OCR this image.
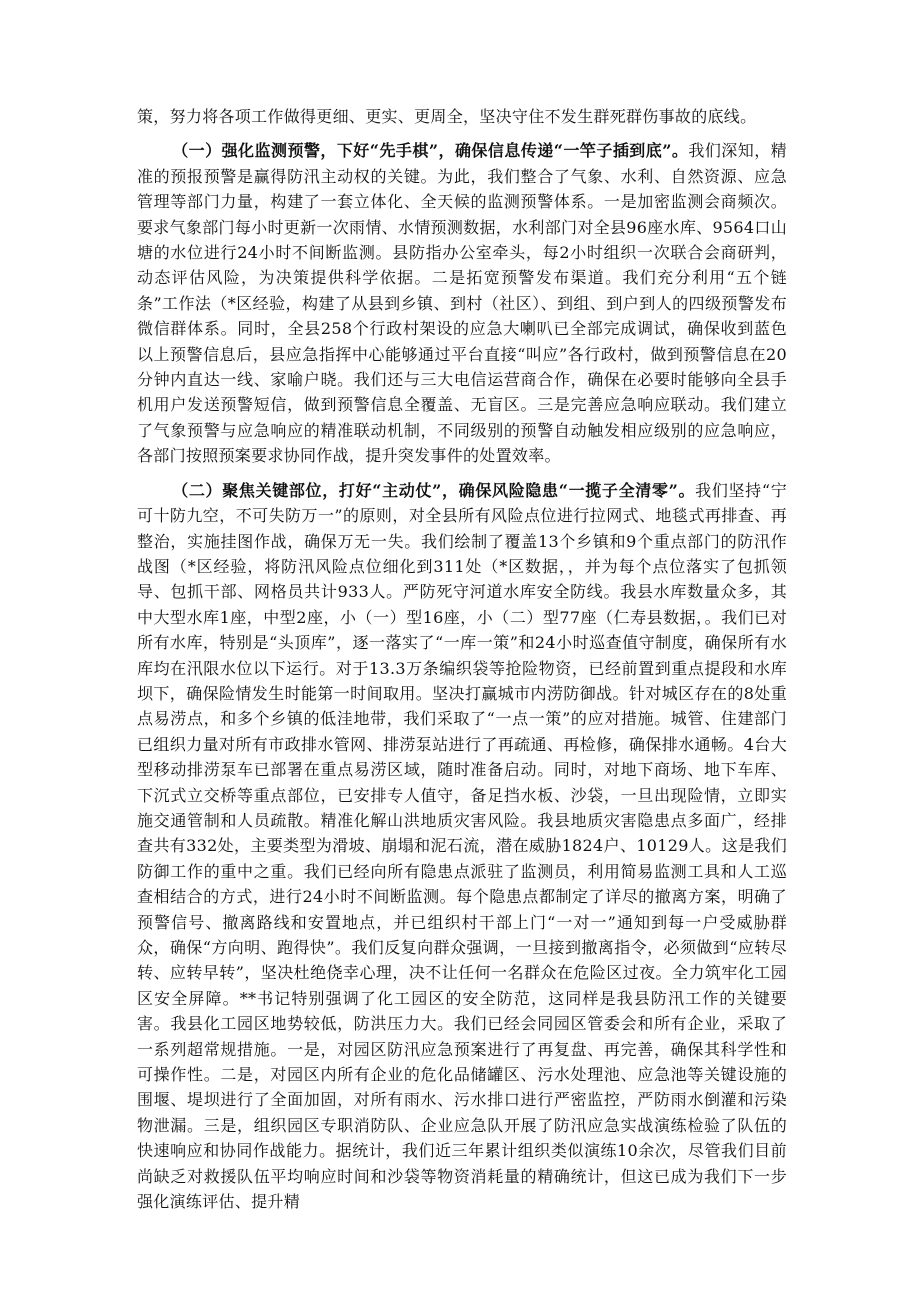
策，努力将各项工作做得更细、更实、更周全，坚决守住不发生群死群伤事故的底线。

（一）强化监测预警，下好“先手棋”，确保信息传递“一竿子插到底”。我们深知，精准的预报预警是赢得防汛主动权的关键。为此，我们整合了气象、水利、自然资源、应急管理等部门力量，构建了一套立体化、全天候的监测预警体系。一是加密监测会商频次。要求气象部门每小时更新一次雨情、水情预测数据，水利部门对全县96座水库、9564口山塘的水位进行24小时不间断监测。县防指办公室牵头，每2小时组织一次联合会商研判，动态评估风险，为决策提供科学依据。二是拓宽预警发布渠道。我们充分利用“五个链条”工作法（*区经验，构建了从县到乡镇、到村（社区）、到组、到户到人的四级预警发布微信群体系。同时，全县258个行政村架设的应急大喇叭已全部完成调试，确保收到蓝色以上预警信息后，县应急指挥中心能够通过平台直接“叫应”各行政村，做到预警信息在20分钟内直达一线、家喻户晓。我们还与三大电信运营商合作，确保在必要时能够向全县手机用户发送预警短信，做到预警信息全覆盖、无盲区。三是完善应急响应联动。我们建立了气象预警与应急响应的精准联动机制，不同级别的预警自动触发相应级别的应急响应，各部门按照预案要求协同作战，提升突发事件的处置效率。

（二）聚焦关键部位，打好“主动仗”，确保风险隐患“一揽子全清零”。我们坚持“宁可十防九空，不可失防万一”的原则，对全县所有风险点位进行拉网式、地毯式再排查、再整治，实施挂图作战，确保万无一失。我们绘制了覆盖13个乡镇和9个重点部门的防汛作战图（*区经验，将防汛风险点位细化到311处（*区数据，，并为每个点位落实了包抓领导、包抓干部、网格员共计933人。严防死守河道水库安全防线。我县水库数量众多，其中大型水库1座，中型2座，小（一）型16座，小（二）型77座（仁寿县数据，。我们已对所有水库，特别是“头顶库”，逐一落实了“一库一策”和24小时巡查值守制度，确保所有水库均在汛限水位以下运行。对于13.3万条编织袋等抢险物资，已经前置到重点提段和水库坝下，确保险情发生时能第一时间取用。坚决打赢城市内涝防御战。针对城区存在的8处重点易涝点，和多个乡镇的低洼地带，我们采取了“一点一策”的应对措施。城管、住建部门已组织力量对所有市政排水管网、排涝泵站进行了再疏通、再检修，确保排水通畅。4台大型移动排涝泵车已部署在重点易涝区域，随时准备启动。同时，对地下商场、地下车库、下沉式立交桥等重点部位，已安排专人值守，备足挡水板、沙袋，一旦出现险情，立即实施交通管制和人员疏散。精准化解山洪地质灾害风险。我县地质灾害隐患点多面广，经排查共有332处，主要类型为滑坡、崩塌和泥石流，潜在威胁1824户、10129人。这是我们防御工作的重中之重。我们已经向所有隐患点派驻了监测员，利用简易监测工具和人工巡查相结合的方式，进行24小时不间断监测。每个隐患点都制定了详尽的撤离方案，明确了预警信号、撤离路线和安置地点，并已组织村干部上门“一对一”通知到每一户受威胁群众，确保“方向明、跑得快”。我们反复向群众强调，一旦接到撤离指令，必须做到“应转尽转、应转早转”，坚决杜绝侥幸心理，决不让任何一名群众在危险区过夜。全力筑牢化工园区安全屏障。**书记特别强调了化工园区的安全防范，这同样是我县防汛工作的关键要害。我县化工园区地势较低，防洪压力大。我们已经会同园区管委会和所有企业，采取了一系列超常规措施。一是，对园区防汛应急预案进行了再复盘、再完善，确保其科学性和可操作性。二是，对园区内所有企业的危化品储罐区、污水处理池、应急池等关键设施的围堰、堤坝进行了全面加固，对所有雨水、污水排口进行严密监控，严防雨水倒灌和污染物泄漏。三是，组织园区专职消防队、企业应急队开展了防汛应急实战演练检验了队伍的快速响应和协同作战能力。据统计，我们近三年累计组织类似演练10余次，尽管我们目前尚缺乏对救援队伍平均响应时间和沙袋等物资消耗量的精确统计，但这已成为我们下一步强化演练评估、提升精
